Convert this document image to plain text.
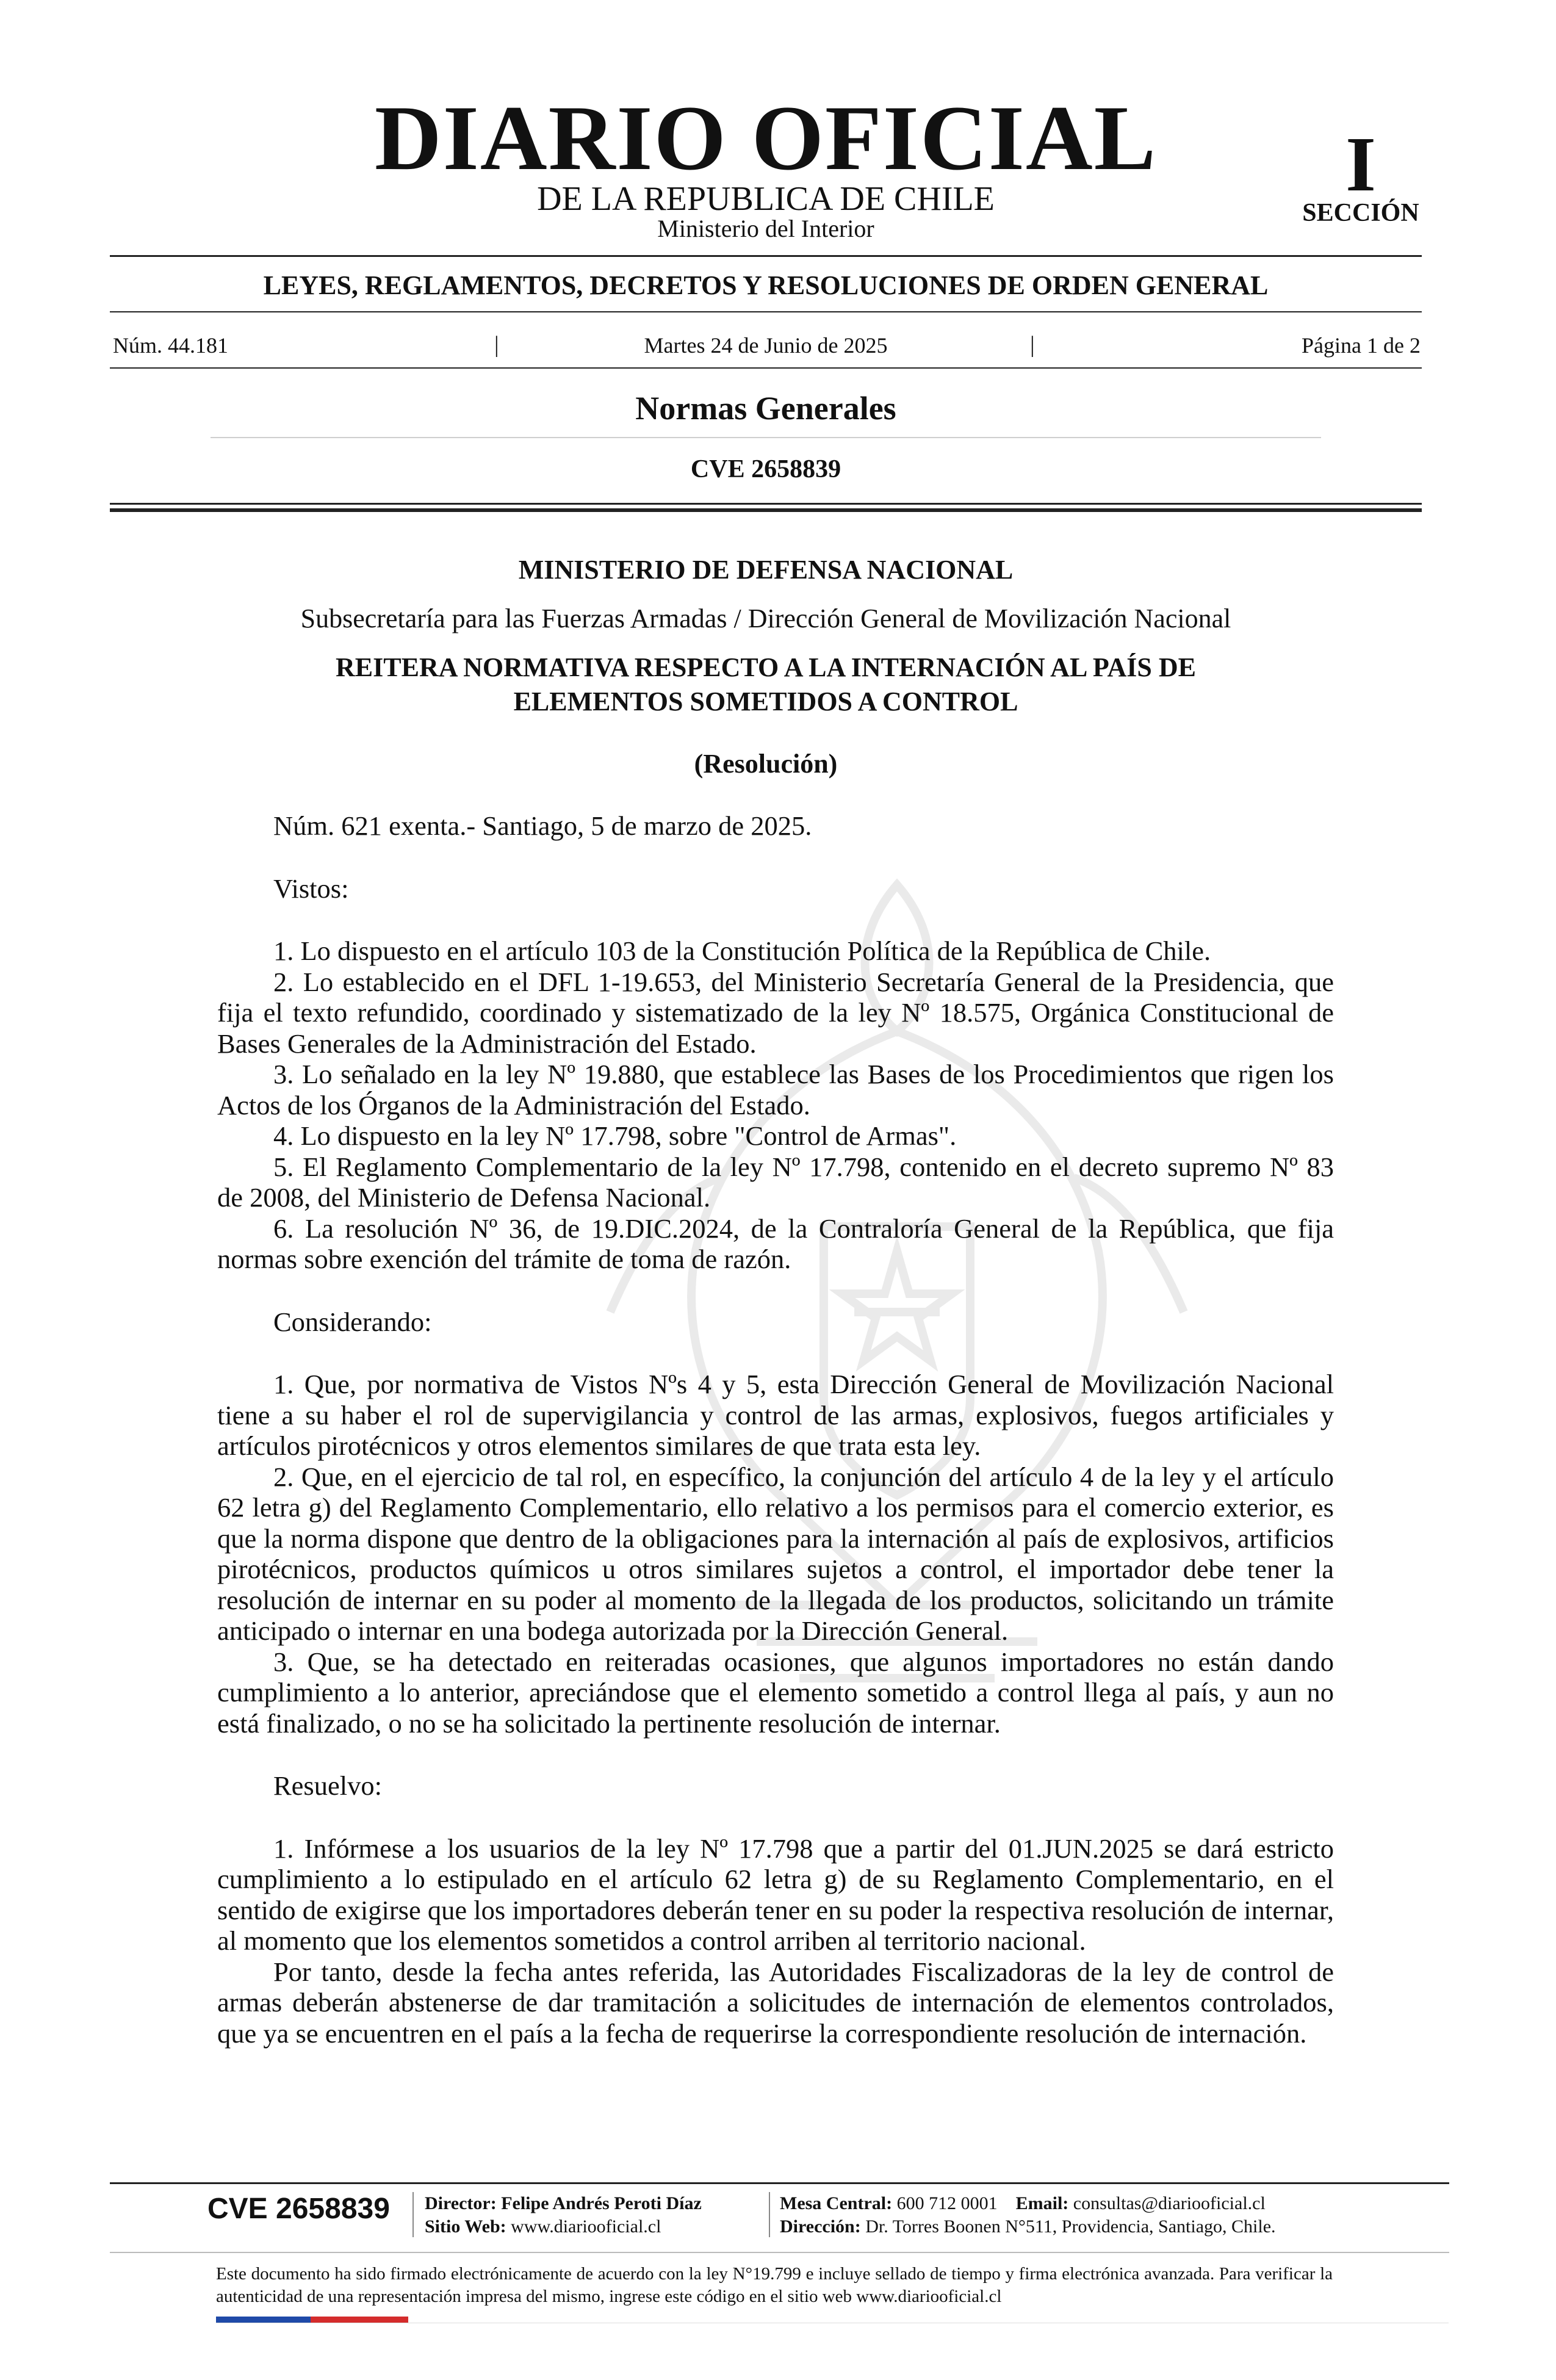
DIARIO OFICIAL
DE LA REPUBLICA DE CHILE
Ministerio del Interior
I
SECCIÓN
LEYES, REGLAMENTOS, DECRETOS Y RESOLUCIONES DE ORDEN GENERAL
Núm. 44.181	|	Martes 24 de Junio de 2025	|	Página 1 de 2
Normas Generales
CVE 2658839
MINISTERIO DE DEFENSA NACIONAL
Subsecretaría para las Fuerzas Armadas / Dirección General de Movilización Nacional
REITERA NORMATIVA RESPECTO A LA INTERNACIÓN AL PAÍS DE
ELEMENTOS SOMETIDOS A CONTROL
(Resolución)

Núm. 621 exenta.- Santiago, 5 de marzo de 2025.

Vistos:

1. Lo dispuesto en el artículo 103 de la Constitución Política de la República de Chile.

2. Lo establecido en el DFL 1-19.653, del Ministerio Secretaría General de la Presidencia, que fija el texto refundido, coordinado y sistematizado de la ley Nº 18.575, Orgánica Constitucional de Bases Generales de la Administración del Estado.

3. Lo señalado en la ley Nº 19.880, que establece las Bases de los Procedimientos que rigen los Actos de los Órganos de la Administración del Estado.

4. Lo dispuesto en la ley Nº 17.798, sobre "Control de Armas".

5. El Reglamento Complementario de la ley Nº 17.798, contenido en el decreto supremo Nº 83 de 2008, del Ministerio de Defensa Nacional.

6. La resolución Nº 36, de 19.DIC.2024, de la Contraloría General de la República, que fija normas sobre exención del trámite de toma de razón.

Considerando:

1. Que, por normativa de Vistos Nºs 4 y 5, esta Dirección General de Movilización Nacional tiene a su haber el rol de supervigilancia y control de las armas, explosivos, fuegos artificiales y artículos pirotécnicos y otros elementos similares de que trata esta ley.

2. Que, en el ejercicio de tal rol, en específico, la conjunción del artículo 4 de la ley y el artículo 62 letra g) del Reglamento Complementario, ello relativo a los permisos para el comercio exterior, es que la norma dispone que dentro de la obligaciones para la internación al país de explosivos, artificios pirotécnicos, productos químicos u otros similares sujetos a control, el importador debe tener la resolución de internar en su poder al momento de la llegada de los productos, solicitando un trámite anticipado o internar en una bodega autorizada por la Dirección General.

3. Que, se ha detectado en reiteradas ocasiones, que algunos importadores no están dando cumplimiento a lo anterior, apreciándose que el elemento sometido a control llega al país, y aun no está finalizado, o no se ha solicitado la pertinente resolución de internar.

Resuelvo:

1. Infórmese a los usuarios de la ley Nº 17.798 que a partir del 01.JUN.2025 se dará estricto cumplimiento a lo estipulado en el artículo 62 letra g) de su Reglamento Complementario, en el sentido de exigirse que los importadores deberán tener en su poder la respectiva resolución de internar, al momento que los elementos sometidos a control arriben al territorio nacional.

Por tanto, desde la fecha antes referida, las Autoridades Fiscalizadoras de la ley de control de armas deberán abstenerse de dar tramitación a solicitudes de internación de elementos controlados, que ya se encuentren en el país a la fecha de requerirse la correspondiente resolución de internación.

CVE 2658839 Director: Felipe Andrés Peroti Díaz
Sitio Web: www.diariooficial.cl
Mesa Central: 600 712 0001 Email: consultas@diariooficial.cl
Dirección: Dr. Torres Boonen N°511, Providencia, Santiago, Chile.
Este documento ha sido firmado electrónicamente de acuerdo con la ley N°19.799 e incluye sellado de tiempo y firma electrónica avanzada. Para verificar la autenticidad de una representación impresa del mismo, ingrese este código en el sitio web www.diariooficial.cl
